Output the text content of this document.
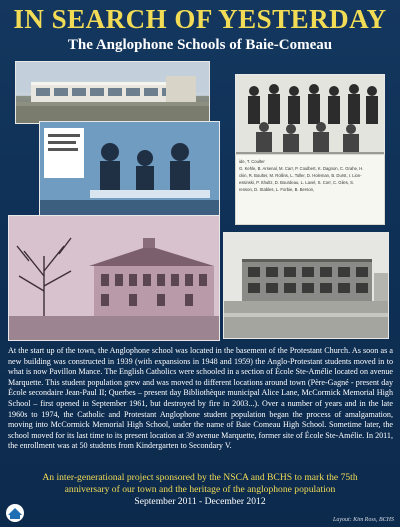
IN SEARCH OF YESTERDAY
The Anglophone Schools of Baie-Comeau
ide, T. Coulter
G. Kehle, B. Arsenal, M. Carr, P. Coulbert, K. Dagnon, C. Grahe, H.
ckin, R. Boulter, M. Rollins, L. Toller, D. Holeman, B. Durst, I. Lion-
essinski, P. Shultz, D. Bourdeau, L. Lavel, S. Corr, C. Giles, S.
renson, D. Stables, L. Forbie, B. Berson,
At the start up of the town, the Anglophone school was located in the basement of the Protestant Church. As soon as a new building was constructed in 1939 (with expansions in 1948 and 1959) the Anglo-Protestant students moved in to what is now Pavillon Mance. The English Catholics were schooled in a section of École Ste-Amélie located on avenue Marquette. This student population grew and was moved to different locations around town (Père-Gagné - present day École secondaire Jean-Paul II; Querbes – present day Bibliothèque municipal Alice Lane, McCormick Memorial High School – first opened in September 1961, but destroyed by fire in 2003...). Over a number of years and in the late 1960s to 1974, the Catholic and Protestant Anglophone student population began the process of amalgamation, moving into McCormick Memorial High School, under the name of Baie Comeau High School. Sometime later, the school moved for its last time to its present location at 39 avenue Marquette, former site of École Ste-Amélie. In 2011, the enrollment was at 50 students from Kindergarten to Secondary V.
An inter-generational project sponsored by the NSCA and BCHS to mark the 75th anniversary of our town and the heritage of the anglophone population
September 2011 - December 2012
Layout: Kim Ross, BCHS
